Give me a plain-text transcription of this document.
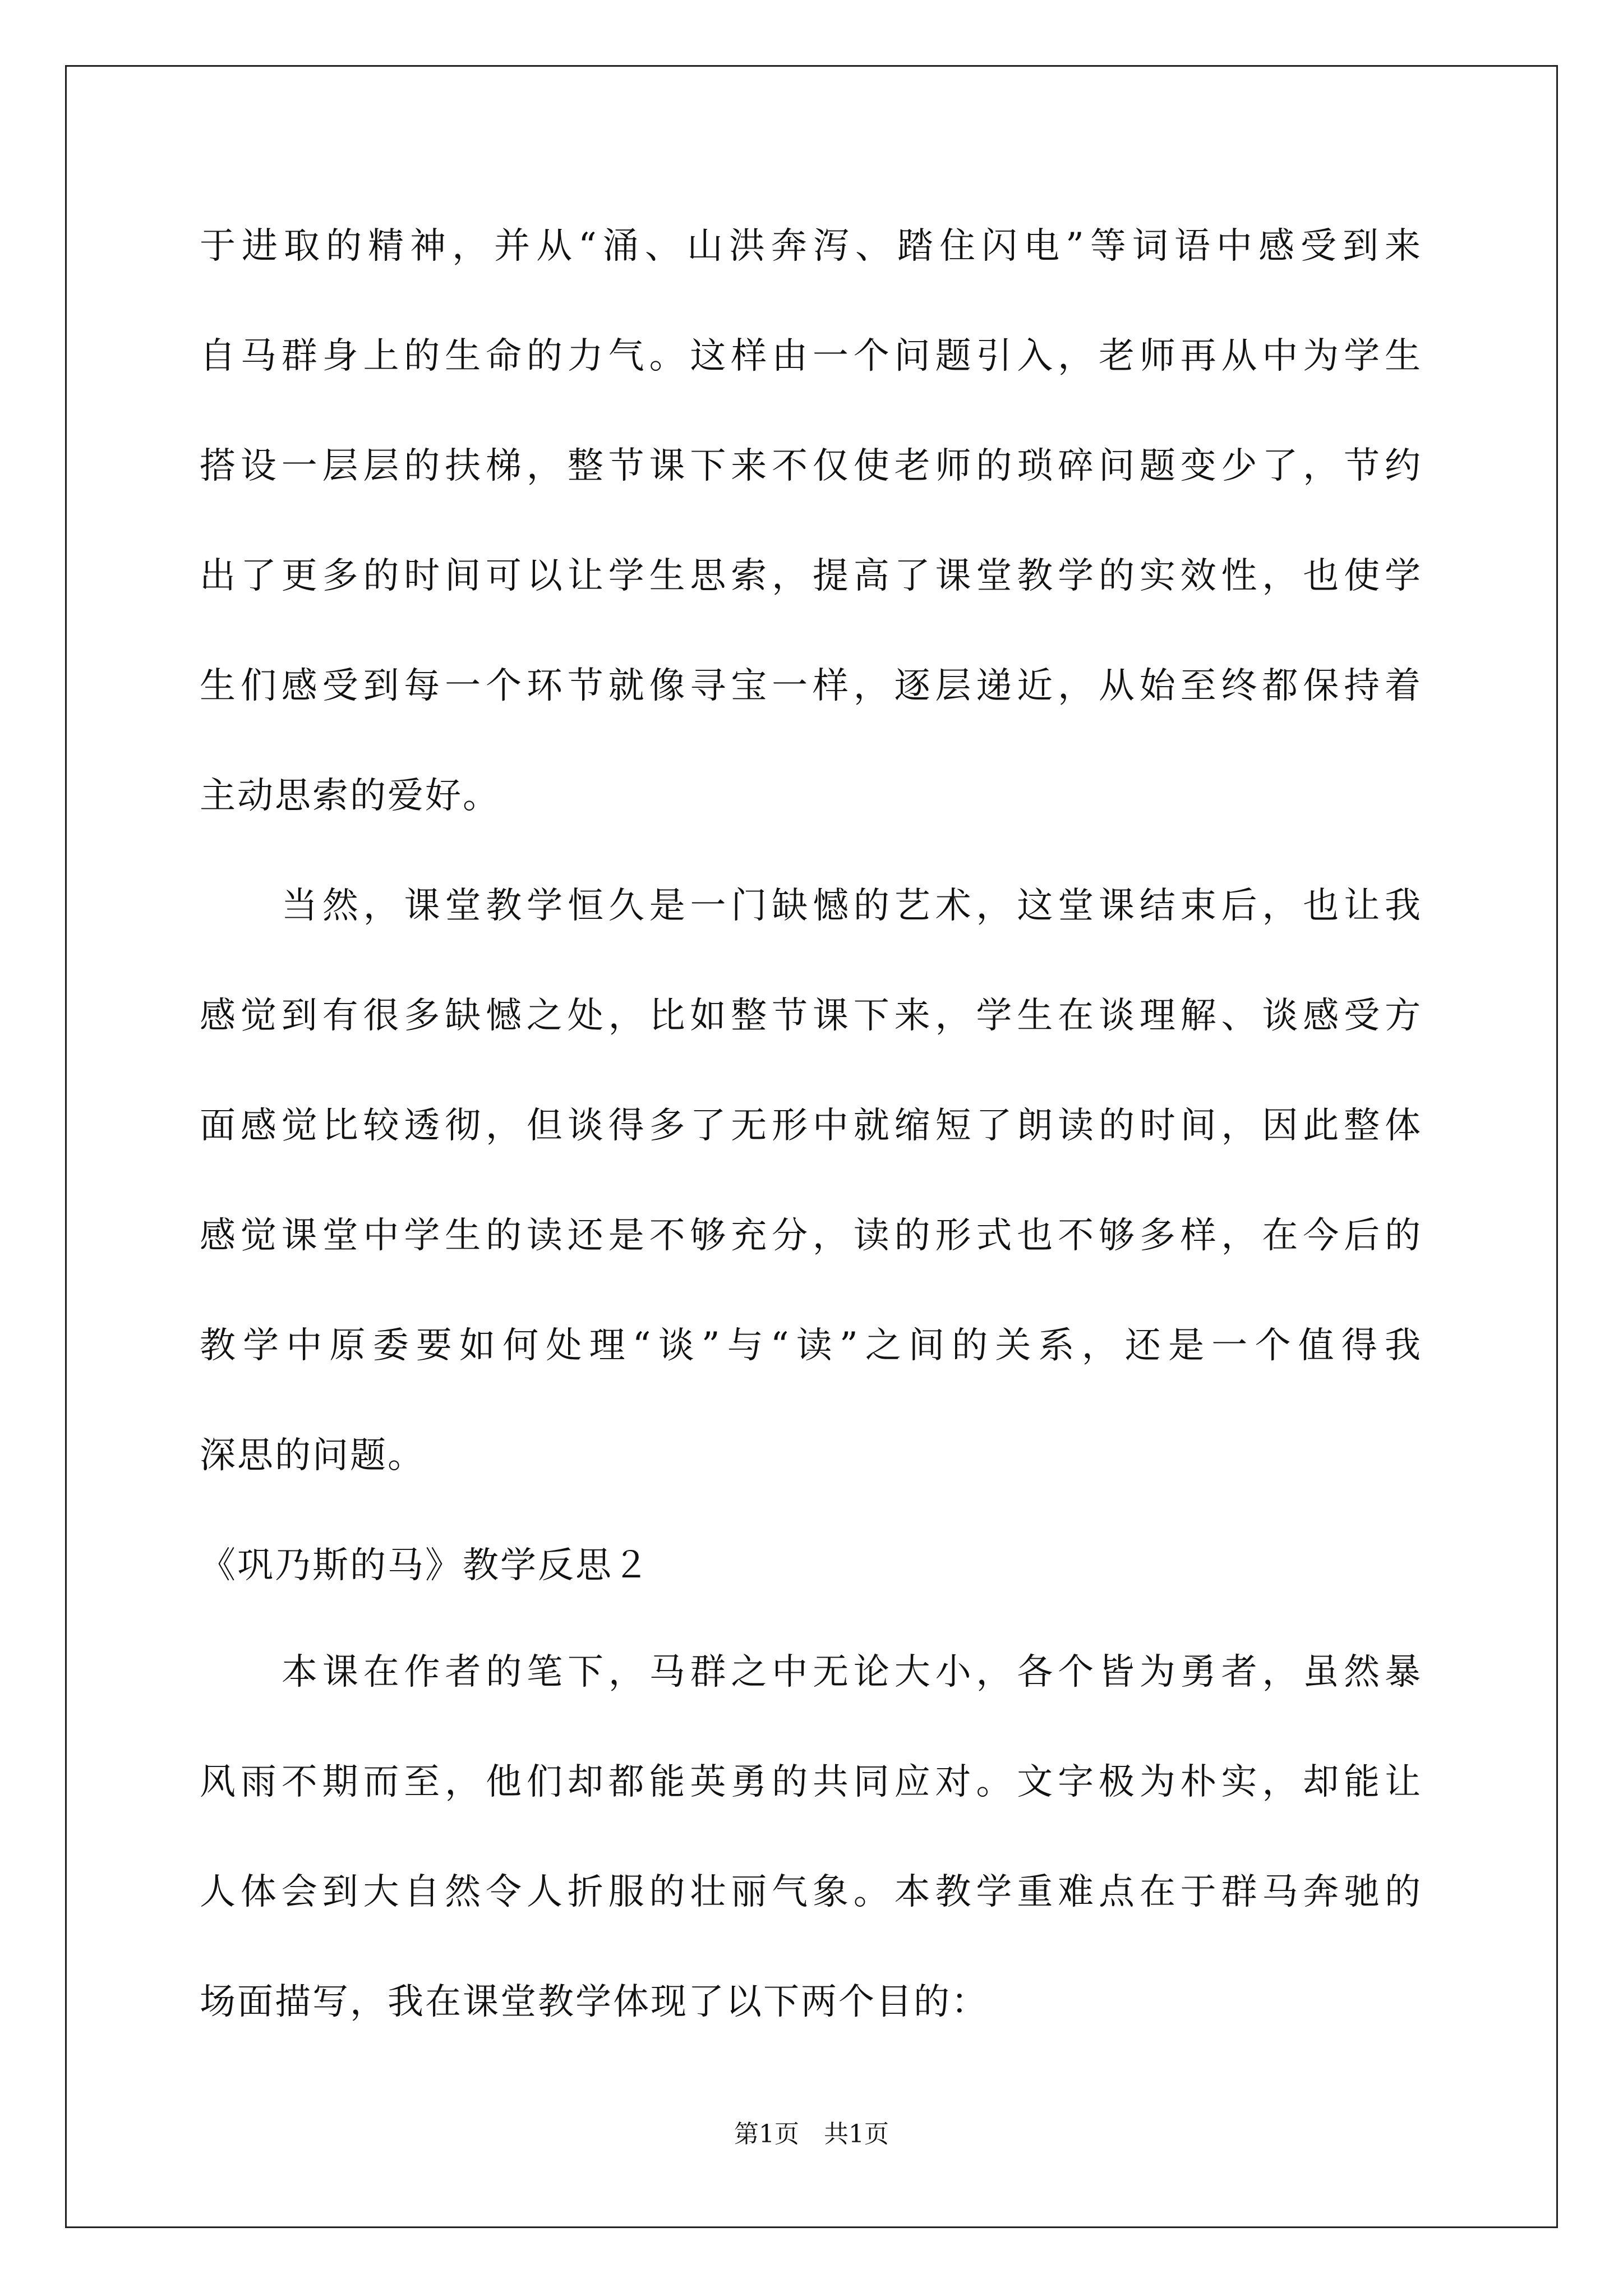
于进取的精神，并从“涌、山洪奔泻、踏住闪电”等词语中感受到来
自马群身上的生命的力气。这样由一个问题引入，老师再从中为学生
搭设一层层的扶梯，整节课下来不仅使老师的琐碎问题变少了，节约
出了更多的时间可以让学生思索，提高了课堂教学的实效性，也使学
生们感受到每一个环节就像寻宝一样，逐层递近，从始至终都保持着
主动思索的爱好。
当然，课堂教学恒久是一门缺憾的艺术，这堂课结束后，也让我
感觉到有很多缺憾之处，比如整节课下来，学生在谈理解、谈感受方
面感觉比较透彻，但谈得多了无形中就缩短了朗读的时间，因此整体
感觉课堂中学生的读还是不够充分，读的形式也不够多样，在今后的
教学中原委要如何处理“谈”与“读”之间的关系，还是一个值得我
深思的问题。
《巩乃斯的马》教学反思２
本课在作者的笔下，马群之中无论大小，各个皆为勇者，虽然暴
风雨不期而至，他们却都能英勇的共同应对。文字极为朴实，却能让
人体会到大自然令人折服的壮丽气象。本教学重难点在于群马奔驰的
场面描写，我在课堂教学体现了以下两个目的：
第1页　共1页
